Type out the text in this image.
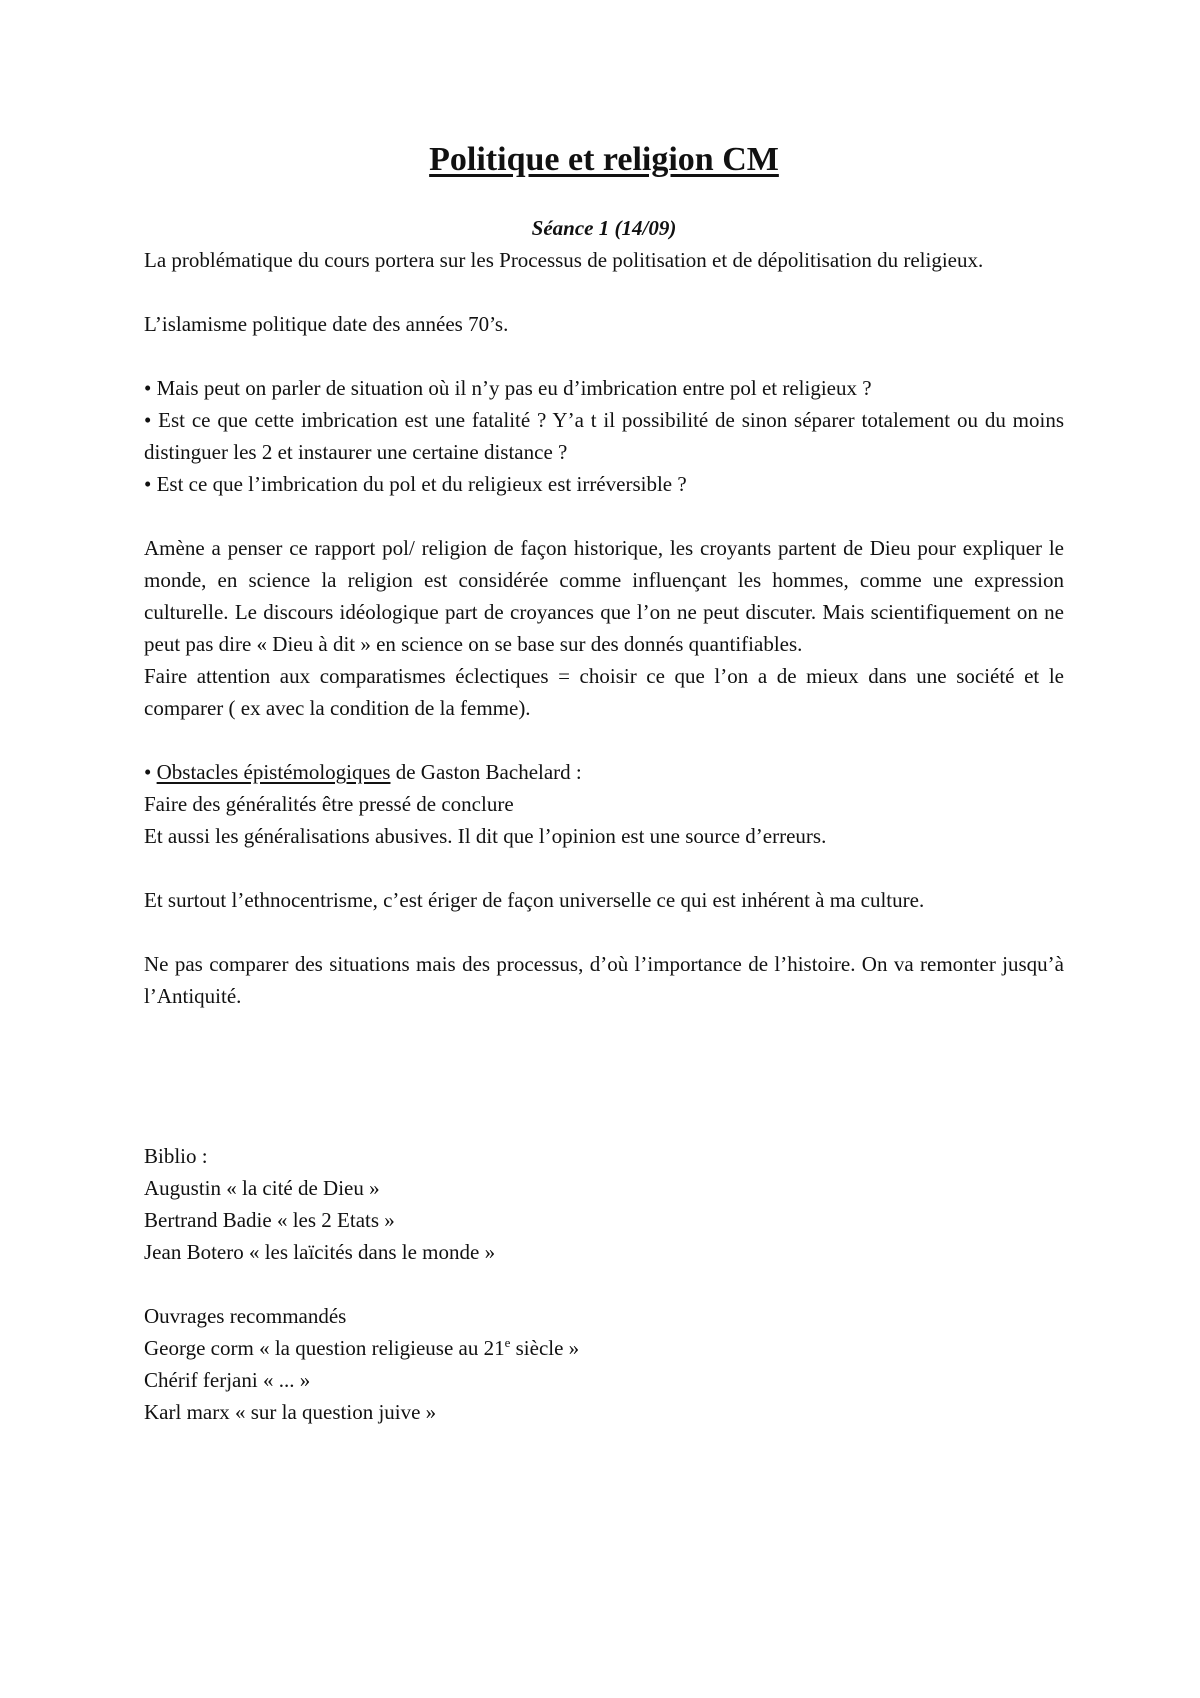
Politique et religion CM
Séance 1 (14/09)

La problématique du cours portera sur les Processus de politisation et de dépolitisation du religieux.

L’islamisme politique date des années 70’s.

• Mais peut on parler de situation où il n’y pas eu d’imbrication entre pol et religieux ?

• Est ce que cette imbrication est une fatalité ? Y’a t il possibilité de sinon séparer totalement ou du moins distinguer les 2 et instaurer une certaine distance ?

• Est ce que l’imbrication du pol et du religieux est irréversible ?

Amène a penser ce rapport pol/ religion de façon historique, les croyants partent de Dieu pour expliquer le monde, en science la religion est considérée comme influençant les hommes, comme une expression culturelle. Le discours idéologique part de croyances que l’on ne peut discuter. Mais scientifiquement on ne peut pas dire « Dieu à dit » en science on se base sur des donnés quantifiables.

Faire attention aux comparatismes éclectiques = choisir ce que l’on a de mieux dans une société et le comparer ( ex avec la condition de la femme).

• Obstacles épistémologiques de Gaston Bachelard :

Faire des généralités être pressé de conclure

Et aussi les généralisations abusives. Il dit que l’opinion est une source d’erreurs.

Et surtout l’ethnocentrisme, c’est ériger de façon universelle ce qui est inhérent à ma culture.

Ne pas comparer des situations mais des processus, d’où l’importance de l’histoire. On va remonter jusqu’à l’Antiquité.

Biblio :

Augustin « la cité de Dieu »

Bertrand Badie « les 2 Etats »

Jean Botero « les laïcités dans le monde »

Ouvrages recommandés

George corm « la question religieuse au 21e siècle »

Chérif ferjani « ... »

Karl marx « sur la question juive »
